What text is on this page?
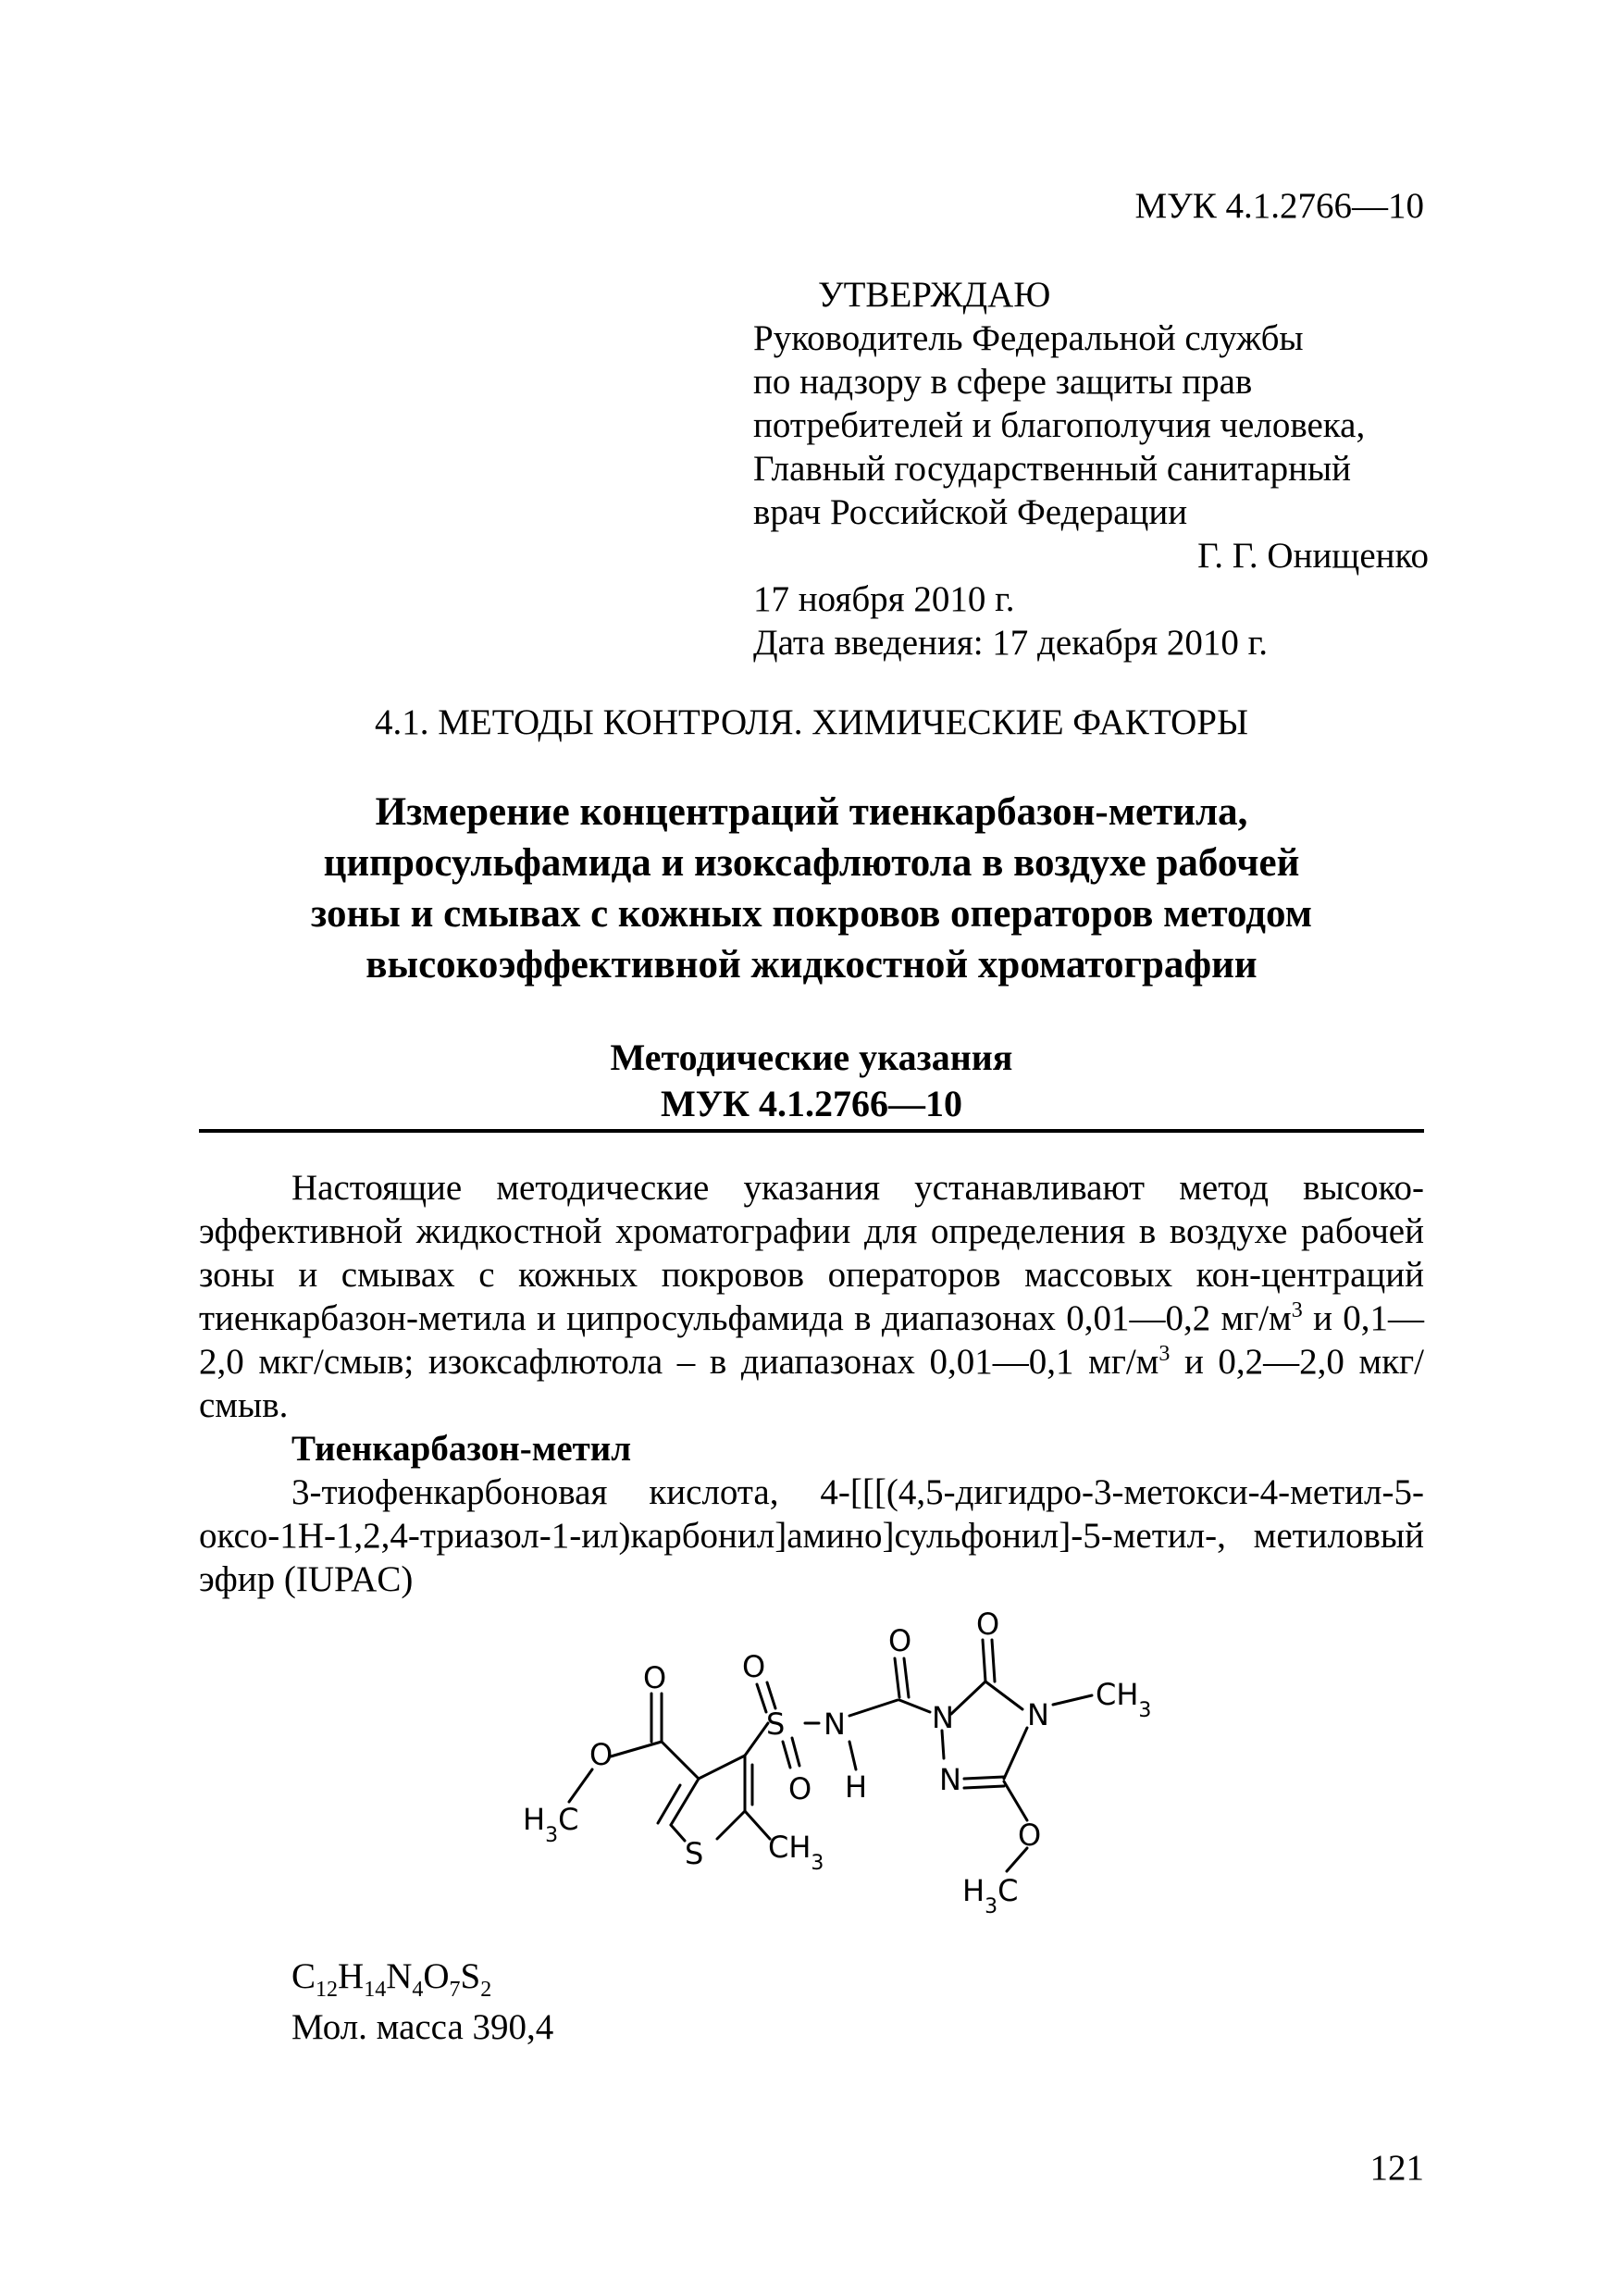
МУК 4.1.2766—10
УТВЕРЖДАЮ
Руководитель Федеральной службы
по надзору в сфере защиты прав
потребителей и благополучия человека,
Главный государственный санитарный
врач Российской Федерации
Г. Г. Онищенко
17 ноября 2010 г.
Дата введения: 17 декабря 2010 г.
4.1. МЕТОДЫ КОНТРОЛЯ. ХИМИЧЕСКИЕ ФАКТОРЫ
Измерение концентраций тиенкарбазон-метила,
ципросульфамида и изоксафлютола в воздухе рабочей
зоны и смывах с кожных покровов операторов методом
высокоэффективной жидкостной хроматографии
Методические указания
МУК 4.1.2766—10

Настоящие методические указания устанавливают метод высоко-эффективной жидкостной хроматографии для определения в воздухе рабочей зоны и смывах с кожных покровов операторов массовых кон-центраций тиенкарбазон-метила и ципросульфамида в диапазонах 0,01—0,2 $мг/м^3$ и 0,1—2,0 мкг/смыв; изоксафлютола – в диапазонах 0,01—0,1 $мг/м^3$ и 0,2—2,0 мкг/смыв.

Тиенкарбазон-метил

3-тиофенкарбоновая кислота, 4-[[[(4,5-дигидро-3-метокси-4-метил-5-оксо-1Н-1,2,4-триазол-1-ил)карбонил]амино]сульфонил]-5-метил-, метиловый эфир (IUPAC)

O
O
$H_3C$
S $CH_3$
S
O
O
N
H
O
N
N
N
O
$CH_3$
O
$H_3C$
$C_{12}H_{14}N_4O_7S_2$
Мол. масса 390,4
121
